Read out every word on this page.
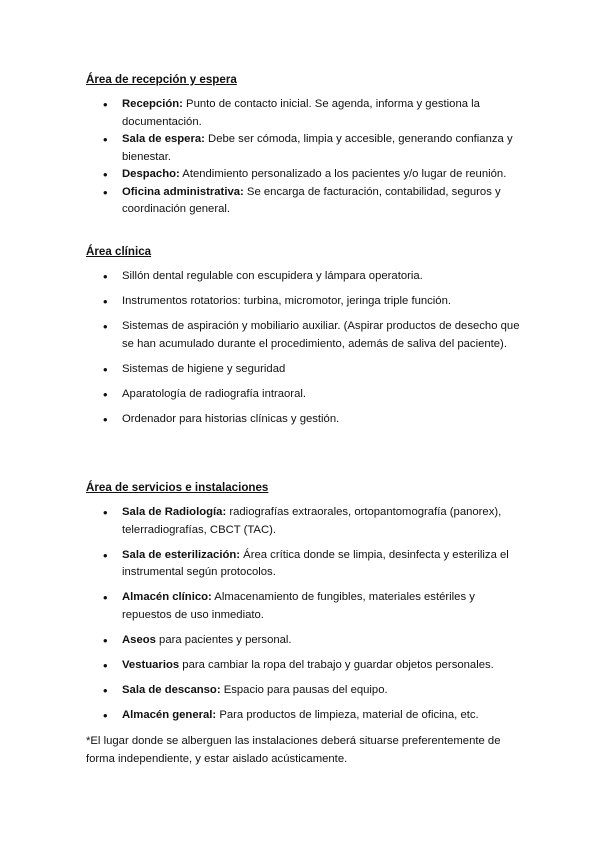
Área de recepción y espera
• Recepción: Punto de contacto inicial. Se agenda, informa y gestiona la documentación.
• Sala de espera: Debe ser cómoda, limpia y accesible, generando confianza y bienestar.
• Despacho: Atendimiento personalizado a los pacientes y/o lugar de reunión.
• Oficina administrativa: Se encarga de facturación, contabilidad, seguros y coordinación general.
Área clínica
• Sillón dental regulable con escupidera y lámpara operatoria.
• Instrumentos rotatorios: turbina, micromotor, jeringa triple función.
• Sistemas de aspiración y mobiliario auxiliar. (Aspirar productos de desecho que se han acumulado durante el procedimiento, además de saliva del paciente).
• Sistemas de higiene y seguridad
• Aparatología de radiografía intraoral.
• Ordenador para historias clínicas y gestión.
Área de servicios e instalaciones
• Sala de Radiología: radiografías extraorales, ortopantomografía (panorex), telerradiografías, CBCT (TAC).
• Sala de esterilización: Área crítica donde se limpia, desinfecta y esteriliza el instrumental según protocolos.
• Almacén clínico: Almacenamiento de fungibles, materiales estériles y repuestos de uso inmediato.
• Aseos para pacientes y personal.
• Vestuarios para cambiar la ropa del trabajo y guardar objetos personales.
• Sala de descanso: Espacio para pausas del equipo.
• Almacén general: Para productos de limpieza, material de oficina, etc.
*El lugar donde se alberguen las instalaciones deberá situarse preferentemente de forma independiente, y estar aislado acústicamente.
